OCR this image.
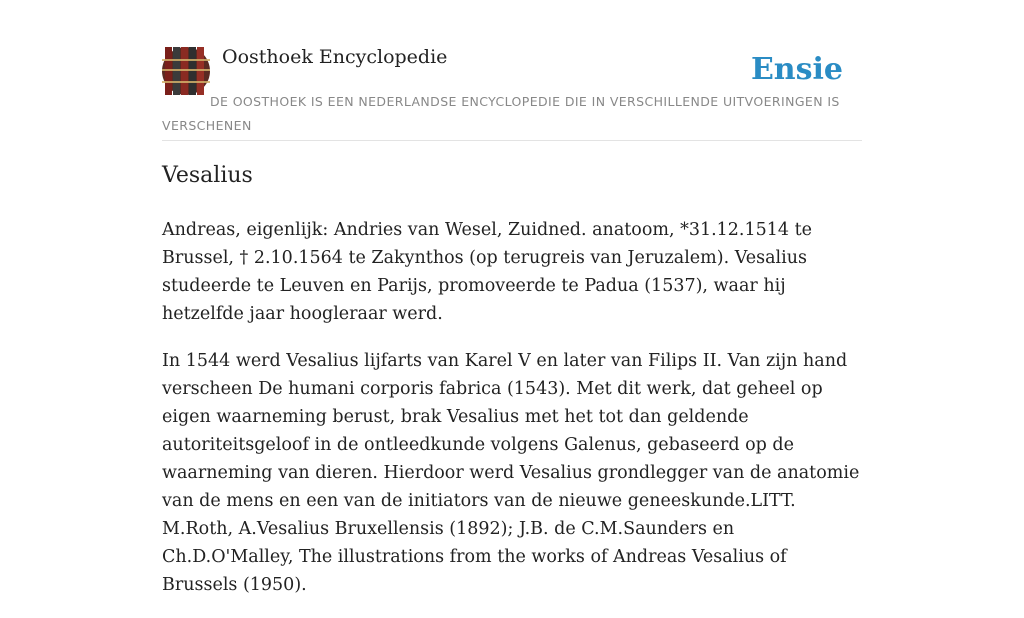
Oosthoek Encyclopedie	Ensie
DE OOSTHOEK IS EEN NEDERLANDSE ENCYCLOPEDIE DIE IN VERSCHILLENDE UITVOERINGEN IS VERSCHENEN
Vesalius

Andreas, eigenlijk: Andries van Wesel, Zuidned. anatoom, *31.12.1514 te Brussel, † 2.10.1564 te Zakynthos (op terugreis van Jeruzalem). Vesalius studeerde te Leuven en Parijs, promoveerde te Padua (1537), waar hij hetzelfde jaar hoogleraar werd.

In 1544 werd Vesalius lijfarts van Karel V en later van Filips II. Van zijn hand verscheen De humani corporis fabrica (1543). Met dit werk, dat geheel op eigen waarneming berust, brak Vesalius met het tot dan geldende autoriteitsgeloof in de ontleedkunde volgens Galenus, gebaseerd op de waarneming van dieren. Hierdoor werd Vesalius grondlegger van de anatomie van de mens en een van de initiators van de nieuwe geneeskunde.LITT. M.Roth, A.Vesalius Bruxellensis (1892); J.B. de C.M.Saunders en Ch.D.O'Malley, The illustrations from the works of Andreas Vesalius of Brussels (1950).
